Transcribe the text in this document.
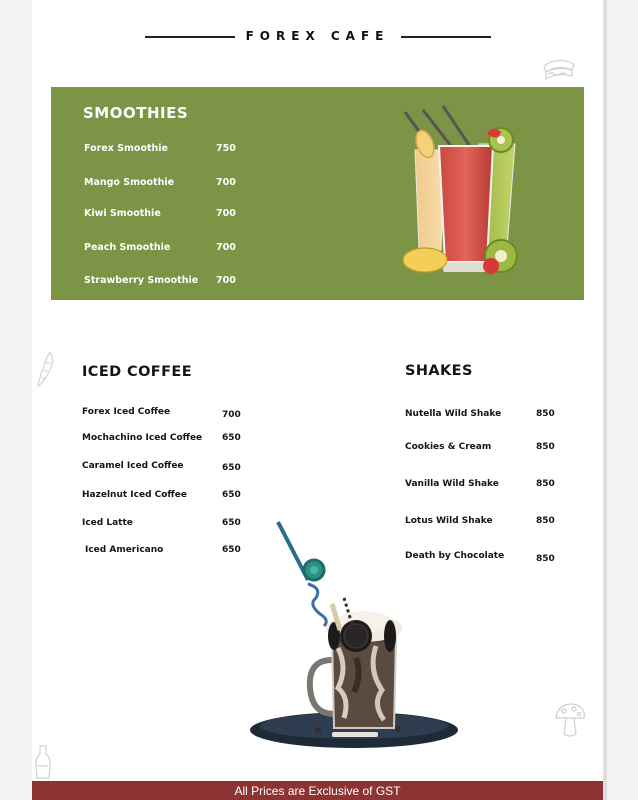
FOREX CAFE
SMOOTHIES
Forex Smoothie	750
Mango Smoothie	700
Kiwi Smoothie	700
Peach Smoothie	700
Strawberry Smoothie 700
ICED COFFEE
Forex Iced Coffee	700
Mochachino Iced Coffee 650
Caramel Iced Coffee	650
Hazelnut Iced Coffee	650
Iced Latte	650
Iced Americano	650
SHAKES
Nutella Wild Shake	850
Cookies & Cream	850
Vanilla Wild Shake	850
Lotus Wild Shake	850
Death by Chocolate	850
All Prices are Exclusive of GST
